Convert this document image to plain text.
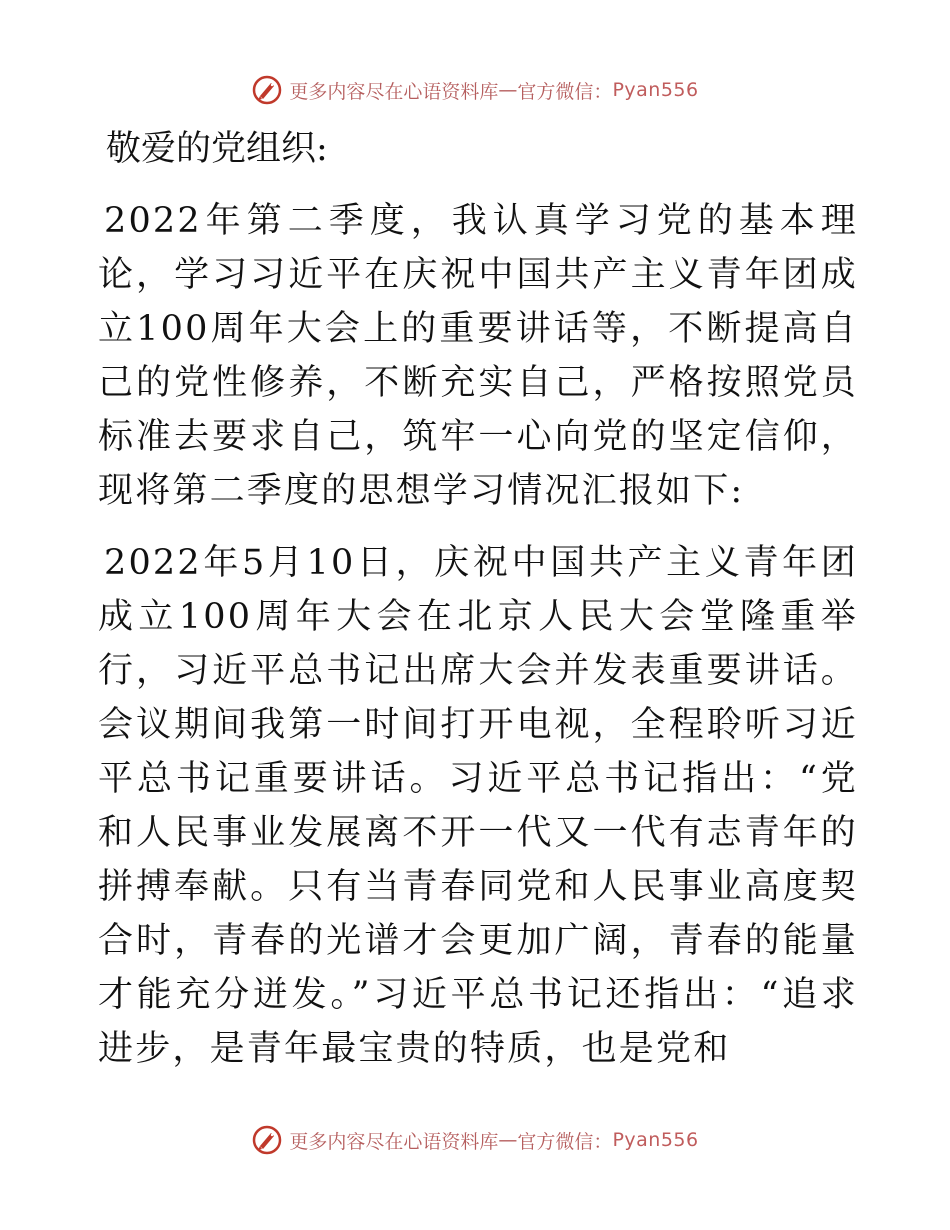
更多内容尽在心语资料库 — 官方微信： Pyan556

敬爱的党组织:

2022年第二季度，我认真学习党的基本理论，学习习近平在庆祝中国共产主义青年团成立100周年大会上的重要讲话等，不断提高自己的党性修养，不断充实自己，严格按照党员标准去要求自己，筑牢一心向党的坚定信仰，现将第二季度的思想学习情况汇报如下:

2022年5月10日，庆祝中国共产主义青年团成立100周年大会在北京人民大会堂隆重举行，习近平总书记出席大会并发表重要讲话。会议期间我第一时间打开电视，全程聆听习近平总书记重要讲话。习近平总书记指出：“党和人民事业发展离不开一代又一代有志青年的拼搏奉献。只有当青春同党和人民事业高度契合时，青春的光谱才会更加广阔，青春的能量才能充分迸发。”习近平总书记还指出：“追求进步，是青年最宝贵的特质，也是党和

更多内容尽在心语资料库 — 官方微信： Pyan556
